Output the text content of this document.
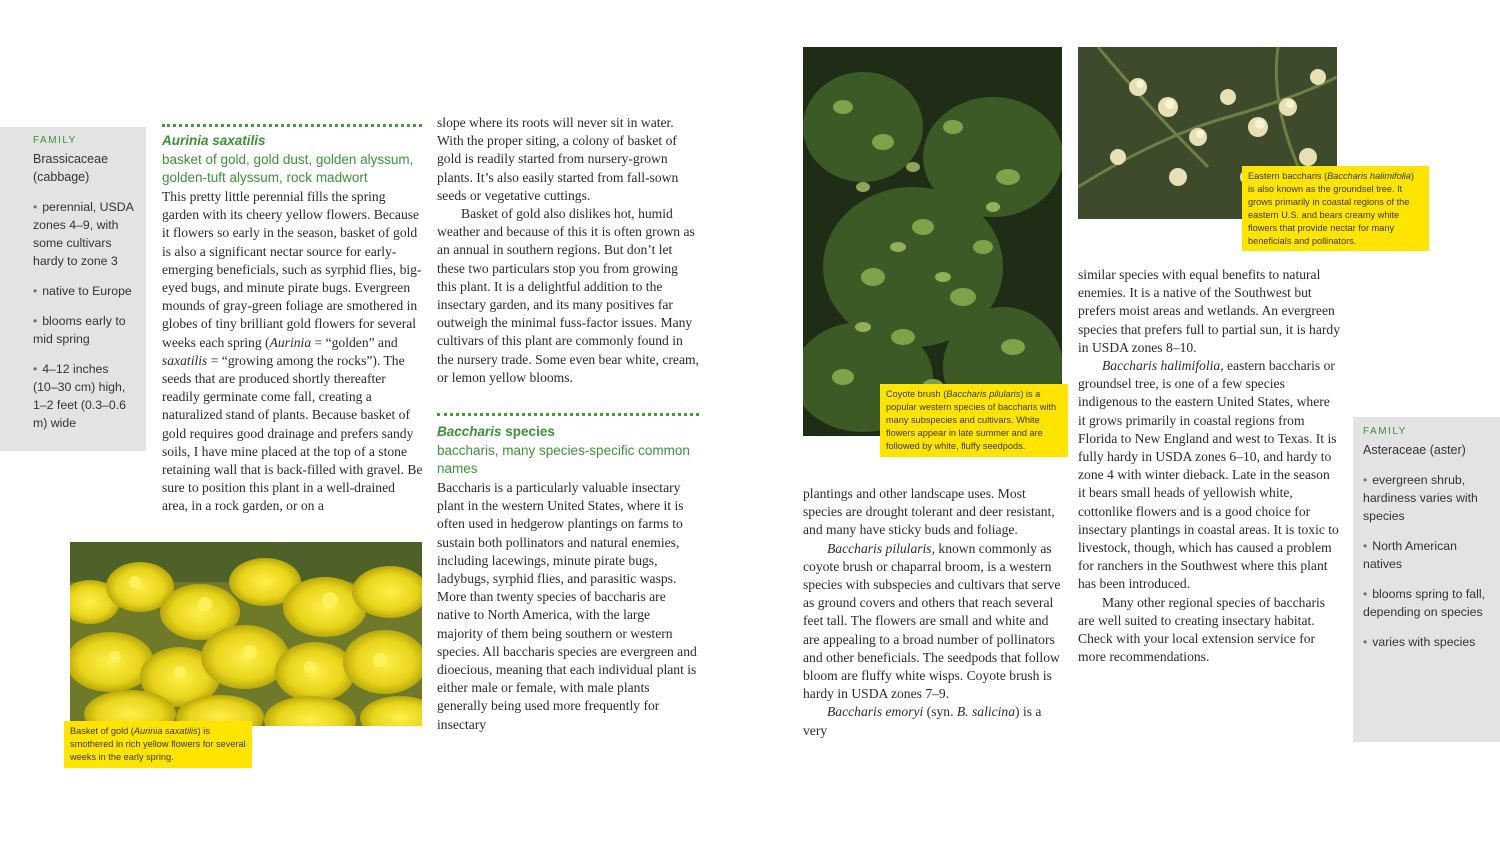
FAMILY
Brassicaceae (cabbage)
• perennial, USDA zones 4–9, with some cultivars hardy to zone 3
• native to Europe
• blooms early to mid spring
• 4–12 inches (10–30 cm) high, 1–2 feet (0.3–0.6 m) wide
Aurinia saxatilis
basket of gold, gold dust, golden alyssum, golden-tuft alyssum, rock madwort

This pretty little perennial fills the spring garden with its cheery yellow flowers. Because it flowers so early in the season, basket of gold is also a significant nectar source for early-emerging beneficials, such as syrphid flies, big-eyed bugs, and minute pirate bugs. Evergreen mounds of gray-green foliage are smothered in globes of tiny brilliant gold flowers for several weeks each spring (Aurinia = “golden” and saxatilis = “growing among the rocks”). The seeds that are produced shortly thereafter readily germinate come fall, creating a naturalized stand of plants. Because basket of gold requires good drainage and prefers sandy soils, I have mine placed at the top of a stone retaining wall that is back-filled with gravel. Be sure to position this plant in a well-drained area, in a rock garden, or on a

Basket of gold (Aurinia saxatilis) is smothered in rich yellow flowers for several weeks in the early spring.

slope where its roots will never sit in water. With the proper siting, a colony of basket of gold is readily started from nursery-grown plants. It’s also easily started from fall-sown seeds or vegetative cuttings.

Basket of gold also dislikes hot, humid weather and because of this it is often grown as an annual in southern regions. But don’t let these two particulars stop you from growing this plant. It is a delightful addition to the insectary garden, and its many positives far outweigh the minimal fuss-factor issues. Many cultivars of this plant are commonly found in the nursery trade. Some even bear white, cream, or lemon yellow blooms.

Baccharis species
baccharis, many species-specific common names
Baccharis is a particularly valuable insectary plant in the western United States, where it is often used in hedgerow plantings on farms to sustain both pollinators and natural enemies, including lacewings, minute pirate bugs, ladybugs, syrphid flies, and parasitic wasps. More than twenty species of baccharis are native to North America, with the large majority of them being southern or western species. All baccharis species are evergreen and dioecious, meaning that each individual plant is either male or female, with male plants generally being used more frequently for insectary
Coyote brush (Baccharis pilularis) is a popular western species of baccharis with many subspecies and cultivars. White flowers appear in late summer and are followed by white, fluffy seedpods.

plantings and other landscape uses. Most species are drought tolerant and deer resistant, and many have sticky buds and foliage.

Baccharis pilularis, known commonly as coyote brush or chaparral broom, is a western species with subspecies and cultivars that serve as ground covers and others that reach several feet tall. The flowers are small and white and are appealing to a broad number of pollinators and other beneficials. The seedpods that follow bloom are fluffy white wisps. Coyote brush is hardy in USDA zones 7–9.

Baccharis emoryi (syn. B. salicina) is a very

Eastern baccharis (Baccharis halimifolia) is also known as the groundsel tree. It grows primarily in coastal regions of the eastern U.S. and bears creamy white flowers that provide nectar for many beneficials and pollinators.

similar species with equal benefits to natural enemies. It is a native of the Southwest but prefers moist areas and wetlands. An evergreen species that prefers full to partial sun, it is hardy in USDA zones 8–10.

Baccharis halimifolia, eastern baccharis or groundsel tree, is one of a few species indigenous to the eastern United States, where it grows primarily in coastal regions from Florida to New England and west to Texas. It is fully hardy in USDA zones 6–10, and hardy to zone 4 with winter dieback. Late in the season it bears small heads of yellowish white, cottonlike flowers and is a good choice for insectary plantings in coastal areas. It is toxic to livestock, though, which has caused a problem for ranchers in the Southwest where this plant has been introduced.

Many other regional species of baccharis are well suited to creating insectary habitat. Check with your local extension service for more recommendations.

FAMILY
Asteraceae (aster)
• evergreen shrub, hardiness varies with species
• North American natives
• blooms spring to fall, depending on species
• varies with species
